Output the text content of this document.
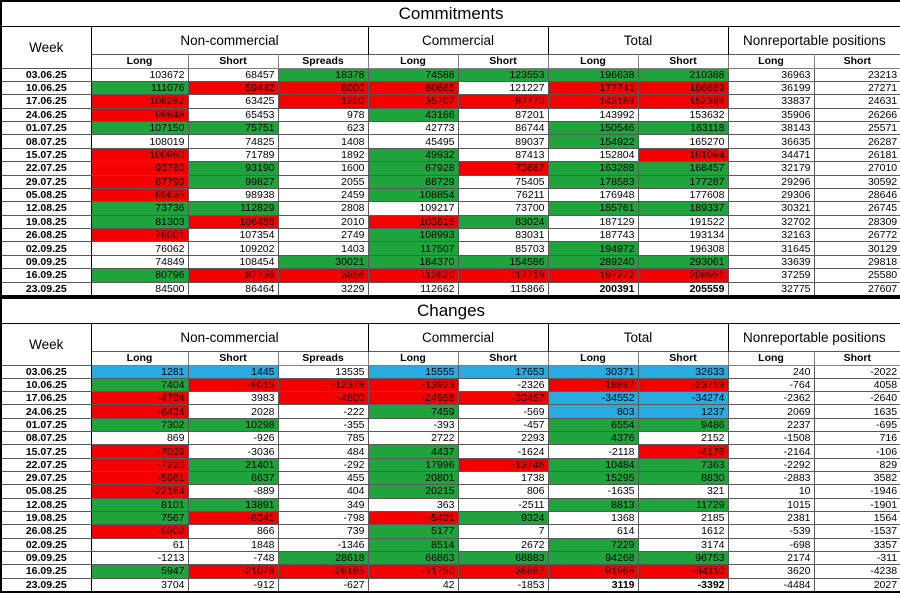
Commitments									
Week	Non-commercial			Commercial		Total		Nonreportable positions	
	Long	Short	Spreads	Long	Short	Long	Short	Long	Short
03.06.25	103672	68457	18378	74588	123553	196638	210388	36963	23213
10.06.25	111076	59442	6000	60665	121227	177741	186669	36199	27271
17.06.25	106282	63425	1200	35707	87770	143189	152395	33837	24631
24.06.25	99848	65453	978	43166	87201	143992	153632	35906	26266
01.07.25	107150	75751	623	42773	86744	150546	163118	38143	25571
08.07.25	108019	74825	1408	45495	89037	154922	165270	36635	26287
15.07.25	100980	71789	1892	49932	87413	152804	161094	34471	26181
22.07.25	93760	93190	1600	67928	73667	163288	168457	32179	27010
29.07.25	87799	99827	2055	88729	75405	178583	177287	29296	30592
05.08.25	65635	98938	2459	108854	76211	176948	177608	29306	28646
12.08.25	73736	112829	2808	109217	73700	185761	189337	30321	26745
19.08.25	81303	106488	2010	103816	83024	187129	191522	32702	28309
26.08.25	76001	107354	2749	108993	83031	187743	193134	32163	26772
02.09.25	76062	109202	1403	117507	85703	194972	196308	31645	30129
09.09.25	74849	108454	30021	184370	154586	289240	293061	33639	29818
16.09.25	80796	87736	3856	112620	117719	197272	208951	37259	25580
23.09.25	84500	86464	3229	112662	115866	200391	205559	32775	27607
Changes									
Week	Non-commercial			Commercial		Total		Nonreportable positions	
	Long	Short	Spreads	Long	Short	Long	Short	Long	Short
03.06.25	1281	1445	13535	15555	17653	30371	32633	240	-2022
10.06.25	7404	-9015	-12378	-13923	-2326	-18897	-23719	-764	4058
17.06.25	-4794	3983	-4800	-24958	-33457	-34552	-34274	-2362	-2640
24.06.25	-6434	2028	-222	7459	-569	803	1237	2069	1635
01.07.25	7302	10298	-355	-393	-457	6554	9486	2237	-695
08.07.25	869	-926	785	2722	2293	4376	2152	-1508	716
15.07.25	-7039	-3036	484	4437	-1624	-2118	-4176	-2164	-106
22.07.25	-7220	21401	-292	17996	-13746	10484	7363	-2292	829
29.07.25	-5961	6637	455	20801	1738	15295	8830	-2883	3582
05.08.25	-22164	-889	404	20215	806	-1635	321	10	-1946
12.08.25	8101	13891	349	363	-2511	8813	11729	1015	-1901
19.08.25	7567	-6341	-798	-5401	9324	1368	2185	2381	1564
26.08.25	-5302	866	739	5177	7	614	1612	-539	-1537
02.09.25	61	1848	-1346	8514	2672	7229	3174	-698	3357
09.09.25	-1213	-748	28618	66863	68883	94268	96753	2174	-311
16.09.25	5947	-21078	-26165	-71750	-36867	-91968	-84110	3620	-4238
23.09.25	3704	-912	-627	42	-1853	3119	-3392	-4484	2027
